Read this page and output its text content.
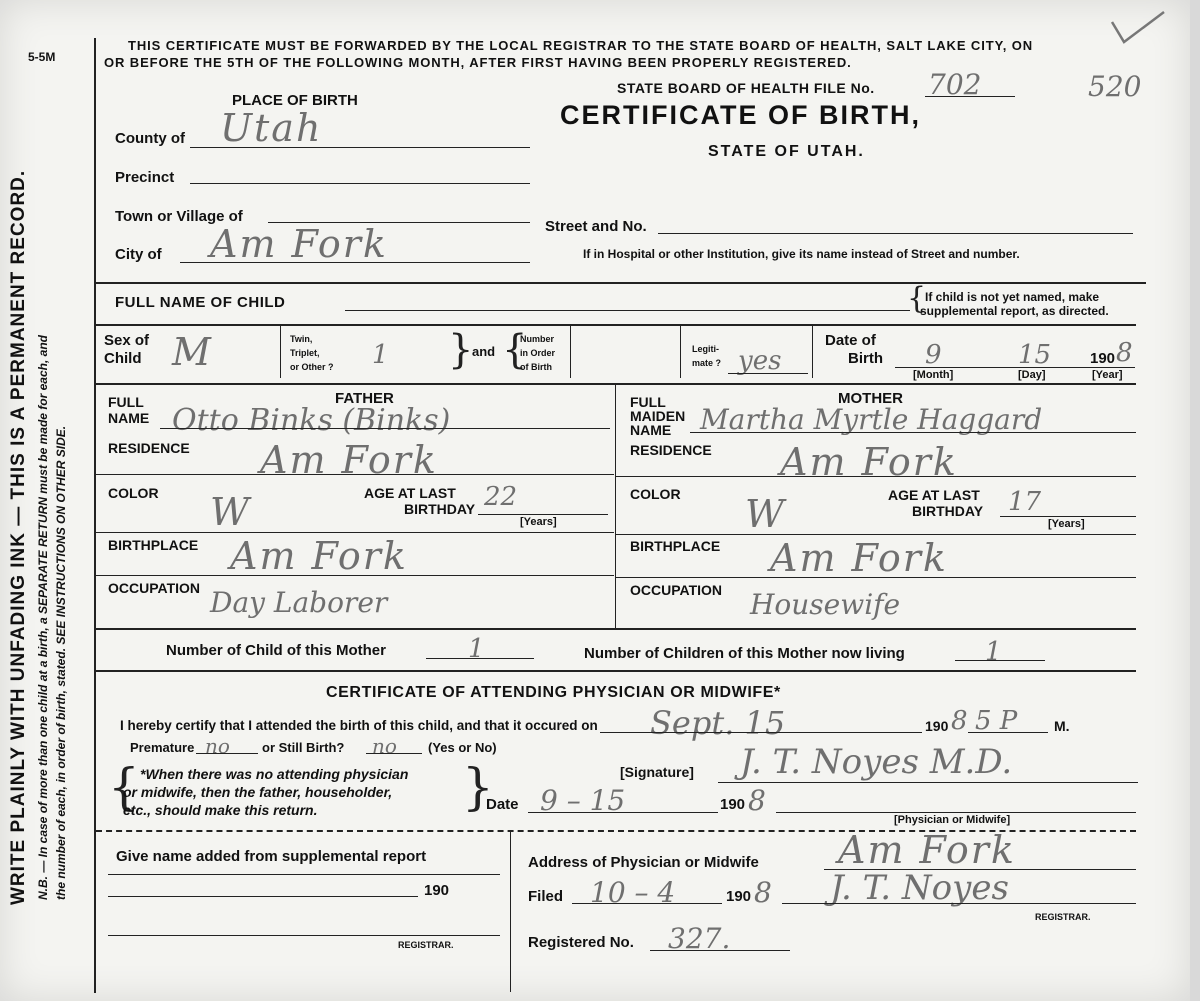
WRITE PLAINLY WITH UNFADING INK — THIS IS A PERMANENT RECORD. N.B. — In case of more than one child at a birth, a SEPARATE RETURN must be made for each, and the number of each, in order of birth, stated. SEE INSTRUCTIONS ON OTHER SIDE.
5-5M
THIS CERTIFICATE MUST BE FORWARDED BY THE LOCAL REGISTRAR TO THE STATE BOARD OF HEALTH, SALT LAKE CITY, ON
OR BEFORE THE 5TH OF THE FOLLOWING MONTH, AFTER FIRST HAVING BEEN PROPERLY REGISTERED.
520
STATE BOARD OF HEALTH FILE No. 702
PLACE OF BIRTH	CERTIFICATE OF BIRTH,
STATE OF UTAH.
County of Utah
Precinct
Town or Village of
Street and No.
City of Am Fork	If in Hospital or other Institution, give its name instead of Street and number.
FULL NAME OF CHILD	{
If child is not yet named, make
supplemental report, as directed.
Sex of
Child M	Twin,
Triplet,
or Other ? 1 }
and {
Number
in Order
of Birth
Legiti-
mate ? yes
Date of
Birth 9	15	190 8
[Month]	[Day]	[Year]
FATHER
FULL
NAME Otto Binks (Binks)
RESIDENCE Am Fork
COLOR W	AGE AT LAST
BIRTHDAY 22
[Years]
BIRTHPLACE Am Fork
OCCUPATION Day Laborer
MOTHER
FULL
MAIDEN
NAME Martha Myrtle Haggard
RESIDENCE Am Fork
COLOR W	AGE AT LAST
BIRTHDAY 17
[Years]
BIRTHPLACE Am Fork
OCCUPATION Housewife
Number of Child of this Mother	1	Number of Children of this Mother now living	1
CERTIFICATE OF ATTENDING PHYSICIAN OR MIDWIFE*
I hereby certify that I attended the birth of this child, and that it occured on Sept. 15	190 8 5 P	M.
Premature no or Still Birth? no (Yes or No)
{ *When there was no attending physician
or midwife, then the father, householder,
etc., should make this return.	}	[Signature] J. T. Noyes M.D.
Date 9 – 15	190 8
[Physician or Midwife]
Give name added from supplemental report
190
REGISTRAR.
Address of Physician or Midwife Am Fork
Filed 10 – 4	190 8 J. T. Noyes
REGISTRAR.
Registered No. 327.
